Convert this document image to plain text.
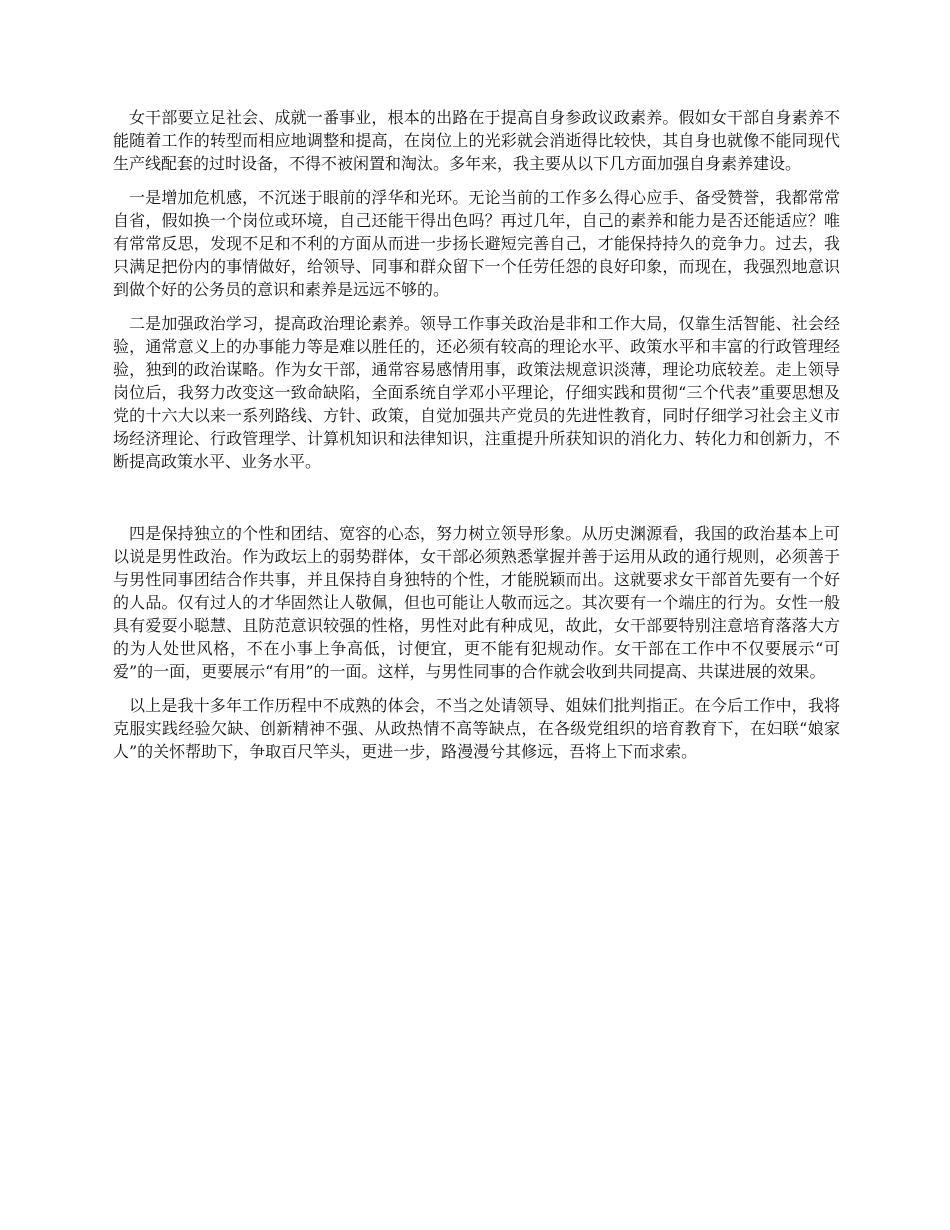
女干部要立足社会、成就一番事业，根本的出路在于提高自身参政议政素养。假如女干部自身素养不能随着工作的转型而相应地调整和提高，在岗位上的光彩就会消逝得比较快，其自身也就像不能同现代生产线配套的过时设备，不得不被闲置和淘汰。多年来，我主要从以下几方面加强自身素养建设。

一是增加危机感，不沉迷于眼前的浮华和光环。无论当前的工作多么得心应手、备受赞誉，我都常常自省，假如换一个岗位或环境，自己还能干得出色吗？再过几年，自己的素养和能力是否还能适应？唯有常常反思，发现不足和不利的方面从而进一步扬长避短完善自己，才能保持持久的竞争力。过去，我只满足把份内的事情做好，给领导、同事和群众留下一个任劳任怨的良好印象，而现在，我强烈地意识到做个好的公务员的意识和素养是远远不够的。

二是加强政治学习，提高政治理论素养。领导工作事关政治是非和工作大局，仅靠生活智能、社会经验，通常意义上的办事能力等是难以胜任的，还必须有较高的理论水平、政策水平和丰富的行政管理经验，独到的政治谋略。作为女干部，通常容易感情用事，政策法规意识淡薄，理论功底较差。走上领导岗位后，我努力改变这一致命缺陷，全面系统自学邓小平理论，仔细实践和贯彻“三个代表”重要思想及党的十六大以来一系列路线、方针、政策，自觉加强共产党员的先进性教育，同时仔细学习社会主义市场经济理论、行政管理学、计算机知识和法律知识，注重提升所获知识的消化力、转化力和创新力，不断提高政策水平、业务水平。

四是保持独立的个性和团结、宽容的心态，努力树立领导形象。从历史渊源看，我国的政治基本上可以说是男性政治。作为政坛上的弱势群体，女干部必须熟悉掌握并善于运用从政的通行规则，必须善于与男性同事团结合作共事，并且保持自身独特的个性，才能脱颖而出。这就要求女干部首先要有一个好的人品。仅有过人的才华固然让人敬佩，但也可能让人敬而远之。其次要有一个端庄的行为。女性一般具有爱耍小聪慧、且防范意识较强的性格，男性对此有种成见，故此，女干部要特别注意培育落落大方的为人处世风格，不在小事上争高低，讨便宜，更不能有犯规动作。女干部在工作中不仅要展示“可爱”的一面，更要展示“有用”的一面。这样，与男性同事的合作就会收到共同提高、共谋进展的效果。

以上是我十多年工作历程中不成熟的体会，不当之处请领导、姐妹们批判指正。在今后工作中，我将克服实践经验欠缺、创新精神不强、从政热情不高等缺点，在各级党组织的培育教育下，在妇联“娘家人”的关怀帮助下，争取百尺竿头，更进一步，路漫漫兮其修远，吾将上下而求索。
